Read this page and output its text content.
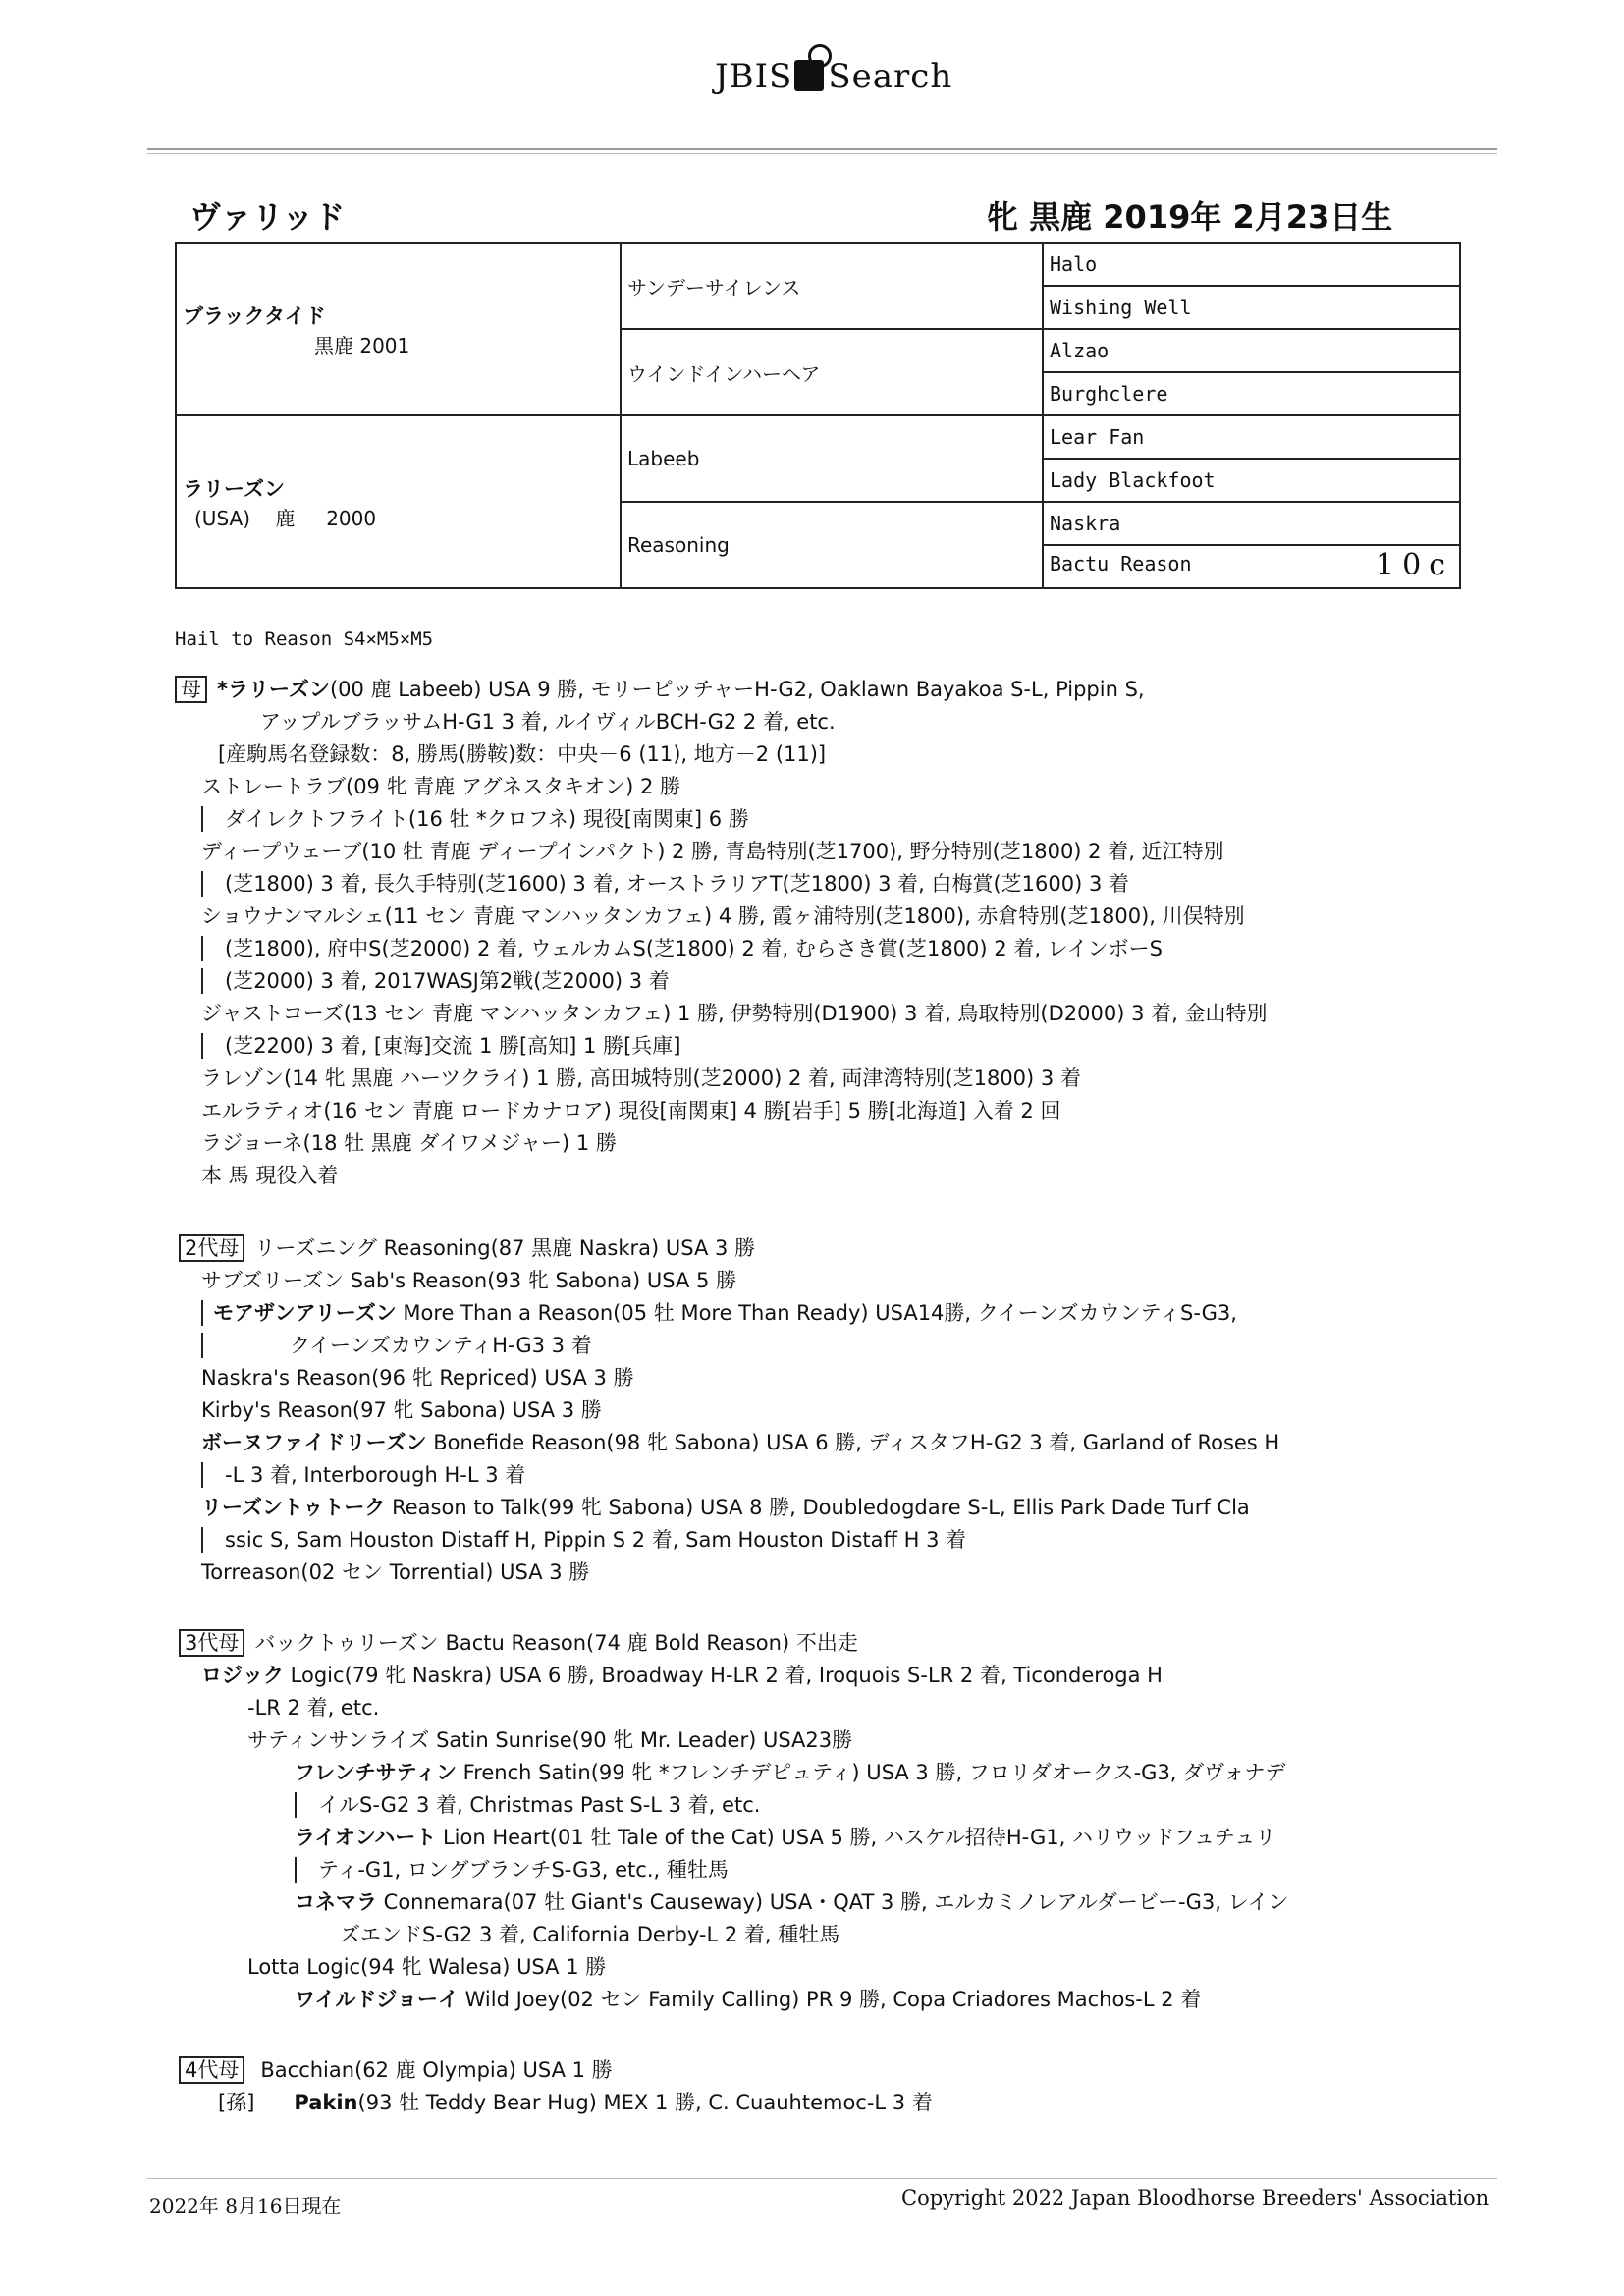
JBIS Search
ヴァリッド	牝 黒鹿 2019年 2月23日生
ブラックタイド
黒鹿 2001	サンデーサイレンス	Halo
		Wishing Well
	ウインドインハーヘア	Alzao
		Burghclere

ラリーズン
(USA)    鹿     2000	Labeeb	Lear Fan
		Lady Blackfoot
	Reasoning	Naskra
		Bactu Reason 10c
Hail to Reason S4×M5×M5
母 *ラリーズン(00 鹿 Labeeb) USA 9 勝, モリーピッチャーH-G2, Oaklawn Bayakoa S-L, Pippin S,
アップルブラッサムH-G1 3 着, ルイヴィルBCH-G2 2 着, etc.
[産駒馬名登録数：8, 勝馬(勝鞍)数：中央－6 (11), 地方－2 (11)]
ストレートラブ(09 牝 青鹿 アグネスタキオン) 2 勝
ダイレクトフライト(16 牡 *クロフネ) 現役[南関東] 6 勝
ディープウェーブ(10 牡 青鹿 ディープインパクト) 2 勝, 青島特別(芝1700), 野分特別(芝1800) 2 着, 近江特別
(芝1800) 3 着, 長久手特別(芝1600) 3 着, オーストラリアT(芝1800) 3 着, 白梅賞(芝1600) 3 着
ショウナンマルシェ(11 セン 青鹿 マンハッタンカフェ) 4 勝, 霞ヶ浦特別(芝1800), 赤倉特別(芝1800), 川俣特別
(芝1800), 府中S(芝2000) 2 着, ウェルカムS(芝1800) 2 着, むらさき賞(芝1800) 2 着, レインボーS
(芝2000) 3 着, 2017WASJ第2戦(芝2000) 3 着
ジャストコーズ(13 セン 青鹿 マンハッタンカフェ) 1 勝, 伊勢特別(D1900) 3 着, 鳥取特別(D2000) 3 着, 金山特別
(芝2200) 3 着, [東海]交流 1 勝[高知] 1 勝[兵庫]
ラレゾン(14 牝 黒鹿 ハーツクライ) 1 勝, 高田城特別(芝2000) 2 着, 両津湾特別(芝1800) 3 着
エルラティオ(16 セン 青鹿 ロードカナロア) 現役[南関東] 4 勝[岩手] 5 勝[北海道] 入着 2 回
ラジョーネ(18 牡 黒鹿 ダイワメジャー) 1 勝
本 馬 現役入着
2代母 リーズニング Reasoning(87 黒鹿 Naskra) USA 3 勝
サブズリーズン Sab's Reason(93 牝 Sabona) USA 5 勝
モアザンアリーズン More Than a Reason(05 牡 More Than Ready) USA14勝, クイーンズカウンティS-G3,
クイーンズカウンティH-G3 3 着
Naskra's Reason(96 牝 Repriced) USA 3 勝
Kirby's Reason(97 牝 Sabona) USA 3 勝
ボーヌファイドリーズン Bonefide Reason(98 牝 Sabona) USA 6 勝, ディスタフH-G2 3 着, Garland of Roses H
-L 3 着, Interborough H-L 3 着
リーズントゥトーク Reason to Talk(99 牝 Sabona) USA 8 勝, Doubledogdare S-L, Ellis Park Dade Turf Cla
ssic S, Sam Houston Distaff H, Pippin S 2 着, Sam Houston Distaff H 3 着
Torreason(02 セン Torrential) USA 3 勝
3代母 バックトゥリーズン Bactu Reason(74 鹿 Bold Reason) 不出走
ロジック Logic(79 牝 Naskra) USA 6 勝, Broadway H-LR 2 着, Iroquois S-LR 2 着, Ticonderoga H
-LR 2 着, etc.
サティンサンライズ Satin Sunrise(90 牝 Mr. Leader) USA23勝
フレンチサティン French Satin(99 牝 *フレンチデピュティ) USA 3 勝, フロリダオークス-G3, ダヴォナデ
イルS-G2 3 着, Christmas Past S-L 3 着, etc.
ライオンハート Lion Heart(01 牡 Tale of the Cat) USA 5 勝, ハスケル招待H-G1, ハリウッドフュチュリ
ティ-G1, ロングブランチS-G3, etc., 種牡馬
コネマラ Connemara(07 牡 Giant's Causeway) USA・QAT 3 勝, エルカミノレアルダービー-G3, レイン
ズエンドS-G2 3 着, California Derby-L 2 着, 種牡馬
Lotta Logic(94 牝 Walesa) USA 1 勝
ワイルドジョーイ Wild Joey(02 セン Family Calling) PR 9 勝, Copa Criadores Machos-L 2 着
4代母 Bacchian(62 鹿 Olympia) USA 1 勝
[孫] Pakin(93 牡 Teddy Bear Hug) MEX 1 勝, C. Cuauhtemoc-L 3 着
2022年 8月16日現在	Copyright 2022 Japan Bloodhorse Breeders' Association
